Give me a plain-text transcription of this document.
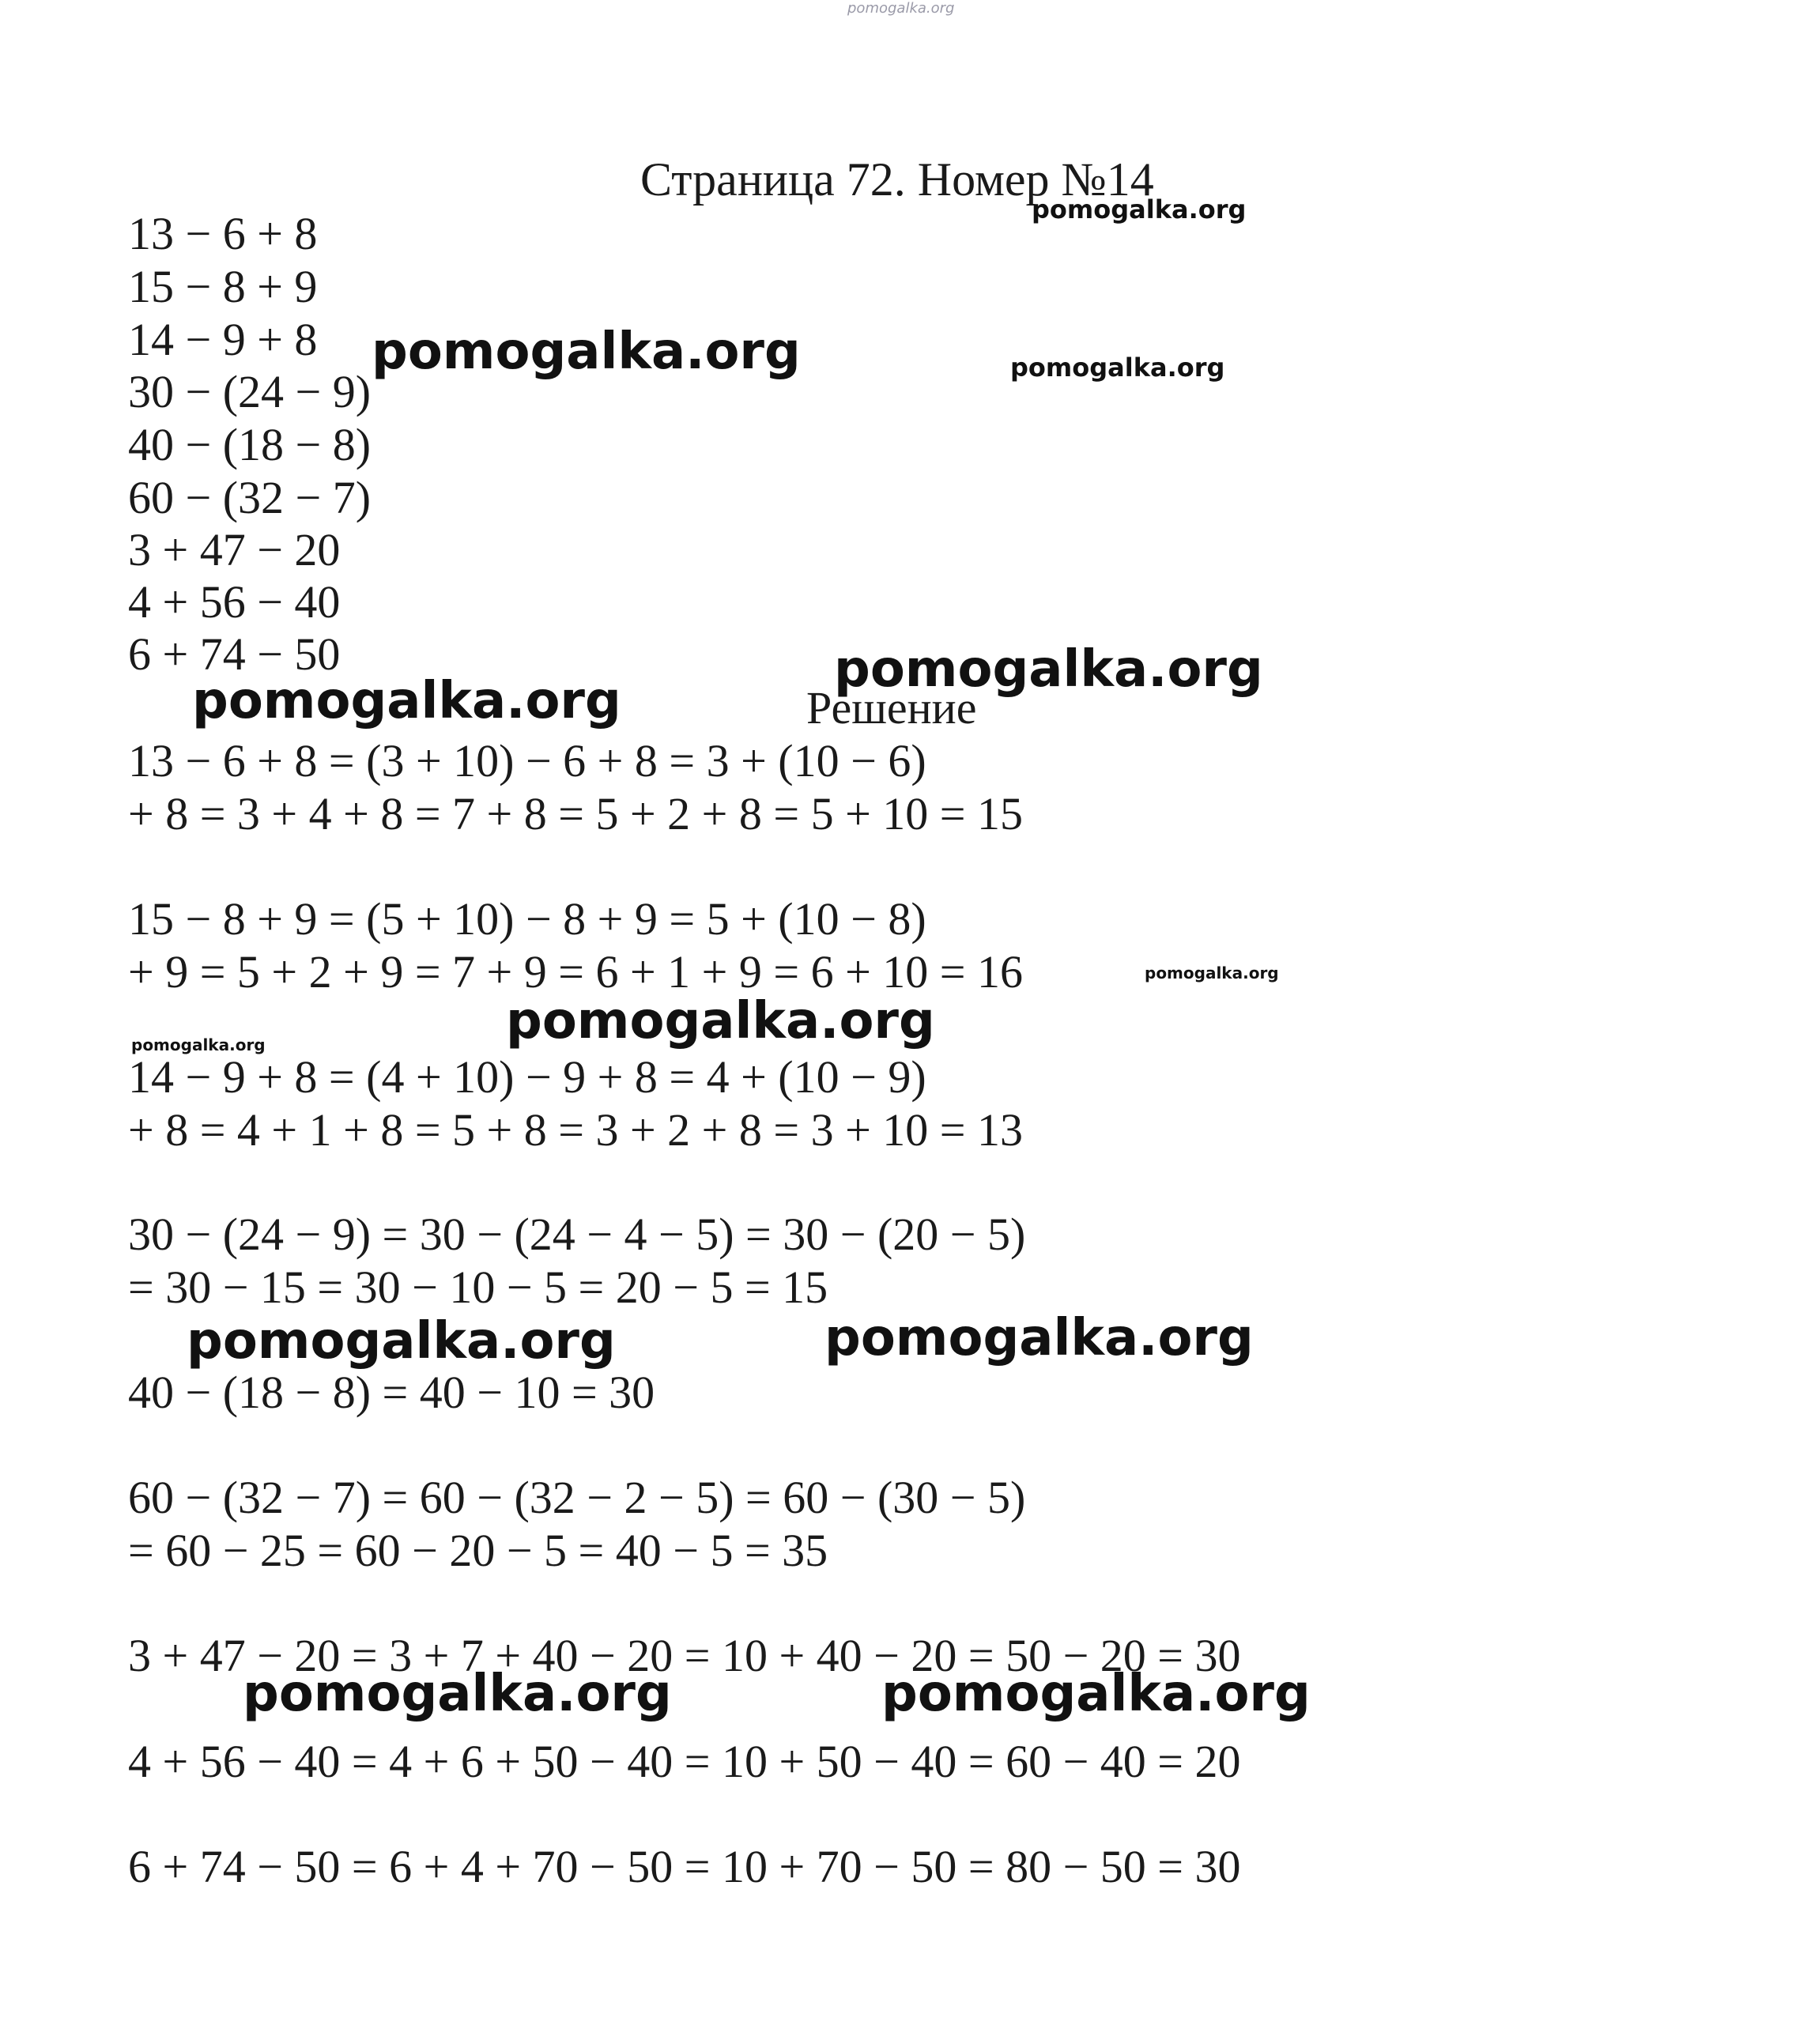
pomogalka.org
Страница 72. Номер №14
13 − 6 + 8
15 − 8 + 9
14 − 9 + 8
30 − (24 − 9)
40 − (18 − 8)
60 − (32 − 7)
3 + 47 − 20
4 + 56 − 40
6 + 74 − 50
Решение
13 − 6 + 8 = (3 + 10) − 6 + 8 = 3 + (10 − 6)
+ 8 = 3 + 4 + 8 = 7 + 8 = 5 + 2 + 8 = 5 + 10 = 15
15 − 8 + 9 = (5 + 10) − 8 + 9 = 5 + (10 − 8)
+ 9 = 5 + 2 + 9 = 7 + 9 = 6 + 1 + 9 = 6 + 10 = 16
14 − 9 + 8 = (4 + 10) − 9 + 8 = 4 + (10 − 9)
+ 8 = 4 + 1 + 8 = 5 + 8 = 3 + 2 + 8 = 3 + 10 = 13
30 − (24 − 9) = 30 − (24 − 4 − 5) = 30 − (20 − 5)
= 30 − 15 = 30 − 10 − 5 = 20 − 5 = 15
40 − (18 − 8) = 40 − 10 = 30
60 − (32 − 7) = 60 − (32 − 2 − 5) = 60 − (30 − 5)
= 60 − 25 = 60 − 20 − 5 = 40 − 5 = 35
3 + 47 − 20 = 3 + 7 + 40 − 20 = 10 + 40 − 20 = 50 − 20 = 30
4 + 56 − 40 = 4 + 6 + 50 − 40 = 10 + 50 − 40 = 60 − 40 = 20
6 + 74 − 50 = 6 + 4 + 70 − 50 = 10 + 70 − 50 = 80 − 50 = 30
pomogalka.org
pomogalka.org	pomogalka.org
pomogalka.org
pomogalka.org
pomogalka.org
pomogalka.org
pomogalka.org
pomogalka.org	pomogalka.org
pomogalka.org	pomogalka.org
